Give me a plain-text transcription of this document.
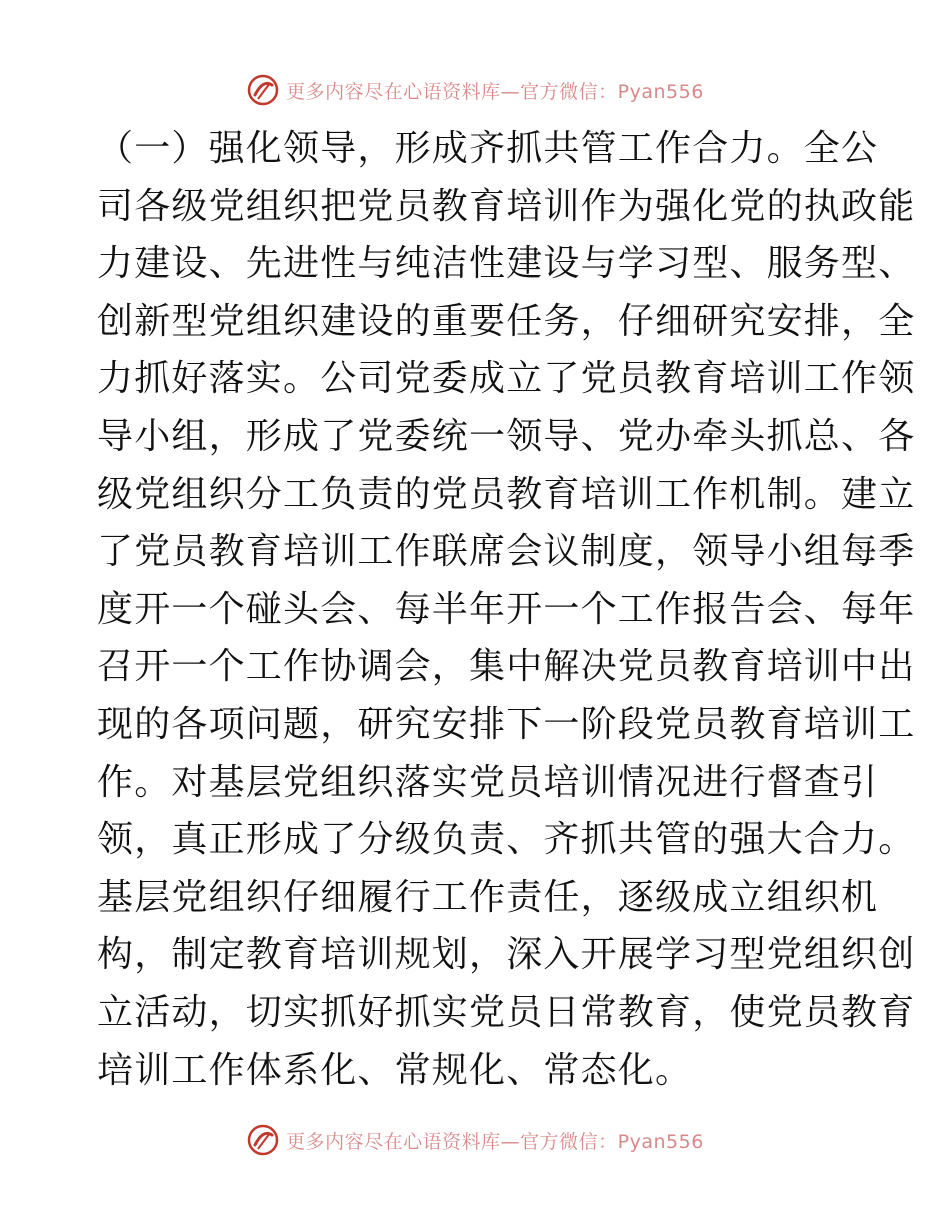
更多内容尽在心语资料库—官方微信：Pyan556
（一）强化领导，形成齐抓共管工作合力。全公
司各级党组织把党员教育培训作为强化党的执政能
力建设、先进性与纯洁性建设与学习型、服务型、
创新型党组织建设的重要任务，仔细研究安排，全
力抓好落实。公司党委成立了党员教育培训工作领
导小组，形成了党委统一领导、党办牵头抓总、各
级党组织分工负责的党员教育培训工作机制。建立
了党员教育培训工作联席会议制度，领导小组每季
度开一个碰头会、每半年开一个工作报告会、每年
召开一个工作协调会，集中解决党员教育培训中出
现的各项问题，研究安排下一阶段党员教育培训工
作。对基层党组织落实党员培训情况进行督查引
领，真正形成了分级负责、齐抓共管的强大合力。
基层党组织仔细履行工作责任，逐级成立组织机
构，制定教育培训规划，深入开展学习型党组织创
立活动，切实抓好抓实党员日常教育，使党员教育
培训工作体系化、常规化、常态化。
更多内容尽在心语资料库—官方微信：Pyan556
